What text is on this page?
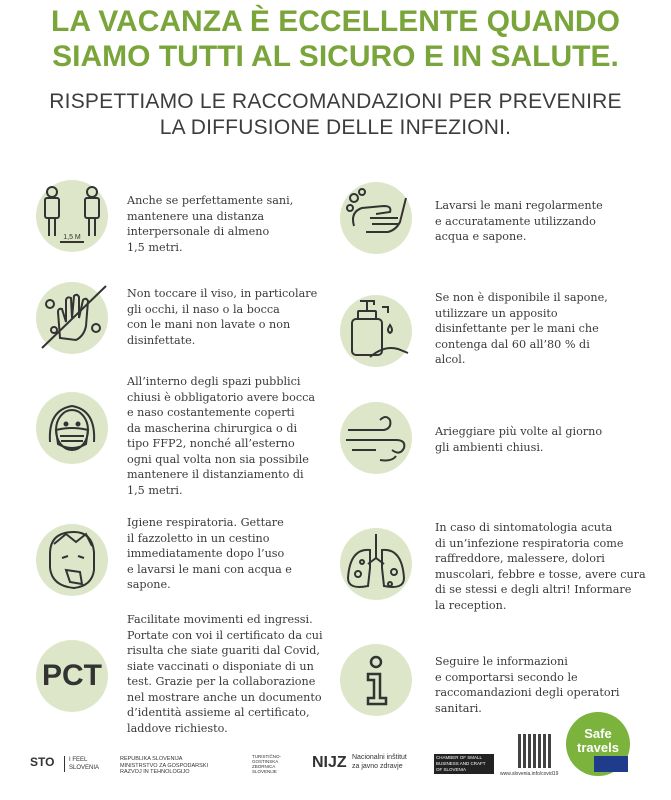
LA VACANZA È ECCELLENTE QUANDO
SIAMO TUTTI AL SICURO E IN SALUTE.
RISPETTIAMO LE RACCOMANDAZIONI PER PREVENIRE
LA DIFFUSIONE DELLE INFEZIONI.
1,5 M
Anche se perfettamente sani,
mantenere una distanza
interpersonale di almeno
1,5 metri.
Non toccare il viso, in particolare
gli occhi, il naso o la bocca
con le mani non lavate o non
disinfettate.
All’interno degli spazi pubblici
chiusi è obbligatorio avere bocca
e naso costantemente coperti
da mascherina chirurgica o di
tipo FFP2, nonché all’esterno
ogni qual volta non sia possibile
mantenere il distanziamento di
1,5 metri.
Igiene respiratoria. Gettare
il fazzoletto in un cestino
immediatamente dopo l’uso
e lavarsi le mani con acqua e
sapone.
PCT
Facilitate movimenti ed ingressi.
Portate con voi il certificato da cui
risulta che siate guariti dal Covid,
siate vaccinati o disponiate di un
test. Grazie per la collaborazione
nel mostrare anche un documento
d’identità assieme al certificato,
laddove richiesto.
Lavarsi le mani regolarmente
e accuratamente utilizzando
acqua e sapone.
Se non è disponibile il sapone,
utilizzare un apposito
disinfettante per le mani che
contenga dal 60 all’80 % di
alcol.
Arieggiare più volte al giorno
gli ambienti chiusi.
In caso di sintomatologia acuta
di un’infezione respiratoria come
raffreddore, malessere, dolori
muscolari, febbre e tosse, avere cura
di se stessi e degli altri! Informare
la reception.
Seguire le informazioni
e comportarsi secondo le
raccomandazioni degli operatori
sanitari.
STO	I FEEL SLOVENIA
REPUBLIKA SLOVENIJA
MINISTRSTVO ZA GOSPODARSKI
RAZVOJ IN TEHNOLOGIJO
TURISTIČNO-
GOSTINSKA
ZBORNICA
SLOVENIJE
NIJZ Nacionalni inštitut
za javno zdravje
CHAMBER OF SMALL
BUSINESS AND CRAFT
OF SLOVENIA
www.slovenia.info/covid19
Safe
travels
